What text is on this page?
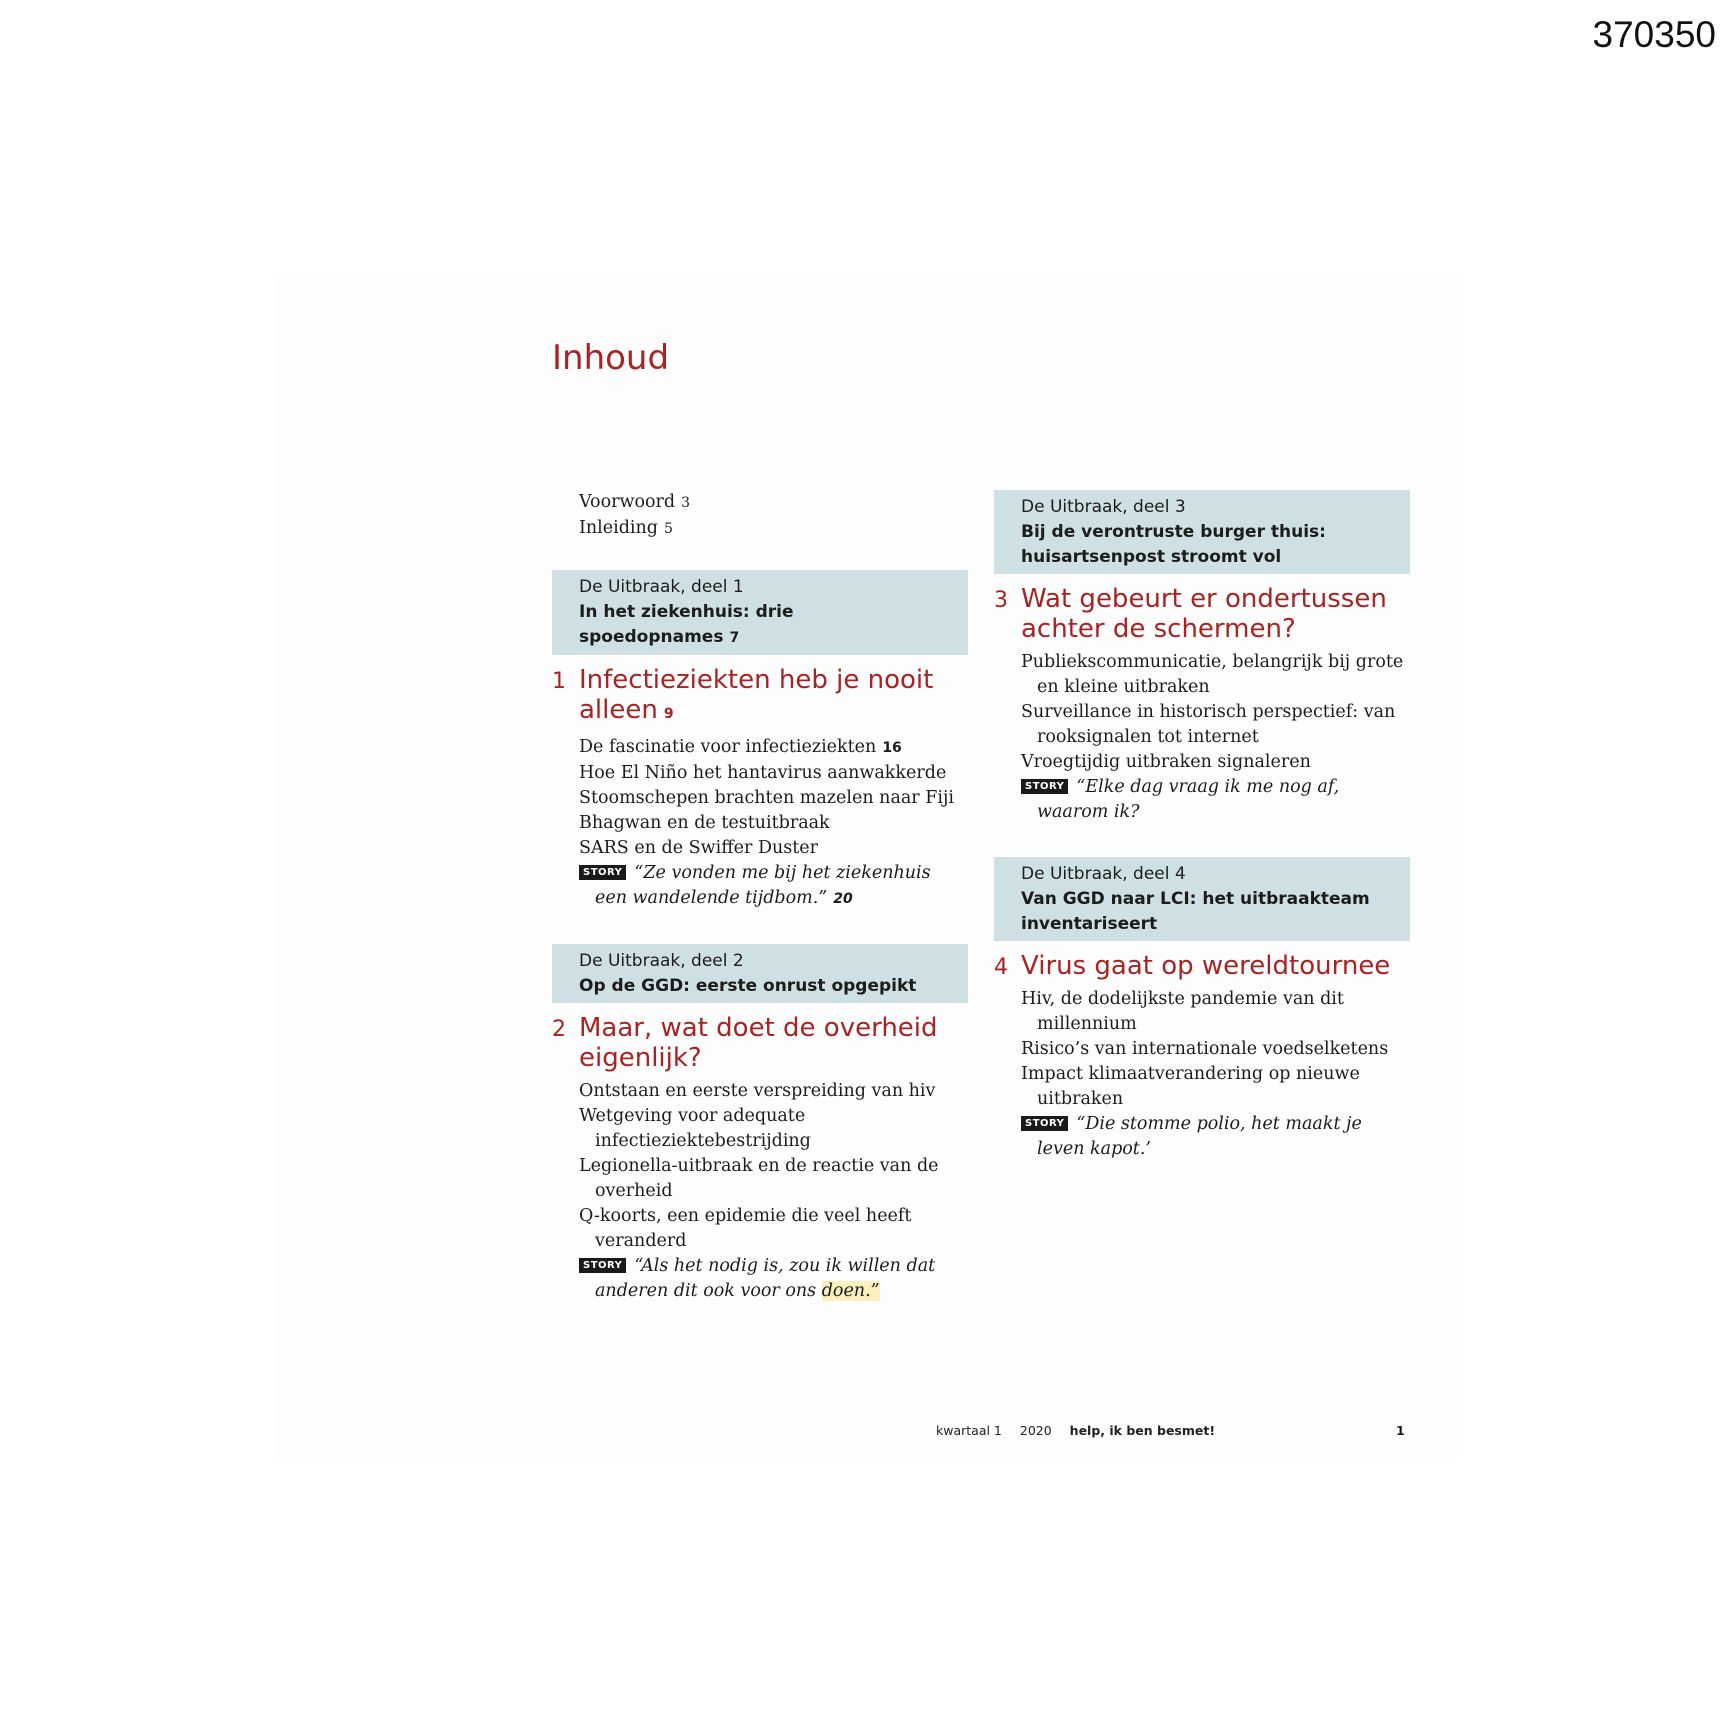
370350
Inhoud
Voorwoord 3
Inleiding 5
De Uitbraak, deel 1
In het ziekenhuis: drie spoedopnames 7
1 Infectieziekten heb je nooit alleen 9
De fascinatie voor infectieziekten 16
Hoe El Niño het hantavirus aanwakkerde
Stoomschepen brachten mazelen naar Fiji
Bhagwan en de testuitbraak
SARS en de Swiffer Duster
STORY “Ze vonden me bij het ziekenhuis een wandelende tijdbom.” 20
De Uitbraak, deel 2
Op de GGD: eerste onrust opgepikt
2 Maar, wat doet de overheid eigenlijk?
Ontstaan en eerste verspreiding van hiv
Wetgeving voor adequate infectieziektebestrijding
Legionella-uitbraak en de reactie van de overheid
Q-koorts, een epidemie die veel heeft veranderd
STORY “Als het nodig is, zou ik willen dat anderen dit ook voor ons doen.”
De Uitbraak, deel 3
Bij de verontruste burger thuis: huisartsenpost stroomt vol
3 Wat gebeurt er ondertussen achter de schermen?
Publiekscommunicatie, belangrijk bij grote en kleine uitbraken
Surveillance in historisch perspectief: van rooksignalen tot internet
Vroegtijdig uitbraken signaleren
STORY “Elke dag vraag ik me nog af, waarom ik?
De Uitbraak, deel 4
Van GGD naar LCI: het uitbraakteam inventariseert
4 Virus gaat op wereldtournee
Hiv, de dodelijkste pandemie van dit millennium
Risico’s van internationale voedselketens
Impact klimaatverandering op nieuwe uitbraken
STORY “Die stomme polio, het maakt je leven kapot.’
kwartaal 1 2020 help, ik ben besmet!	1
